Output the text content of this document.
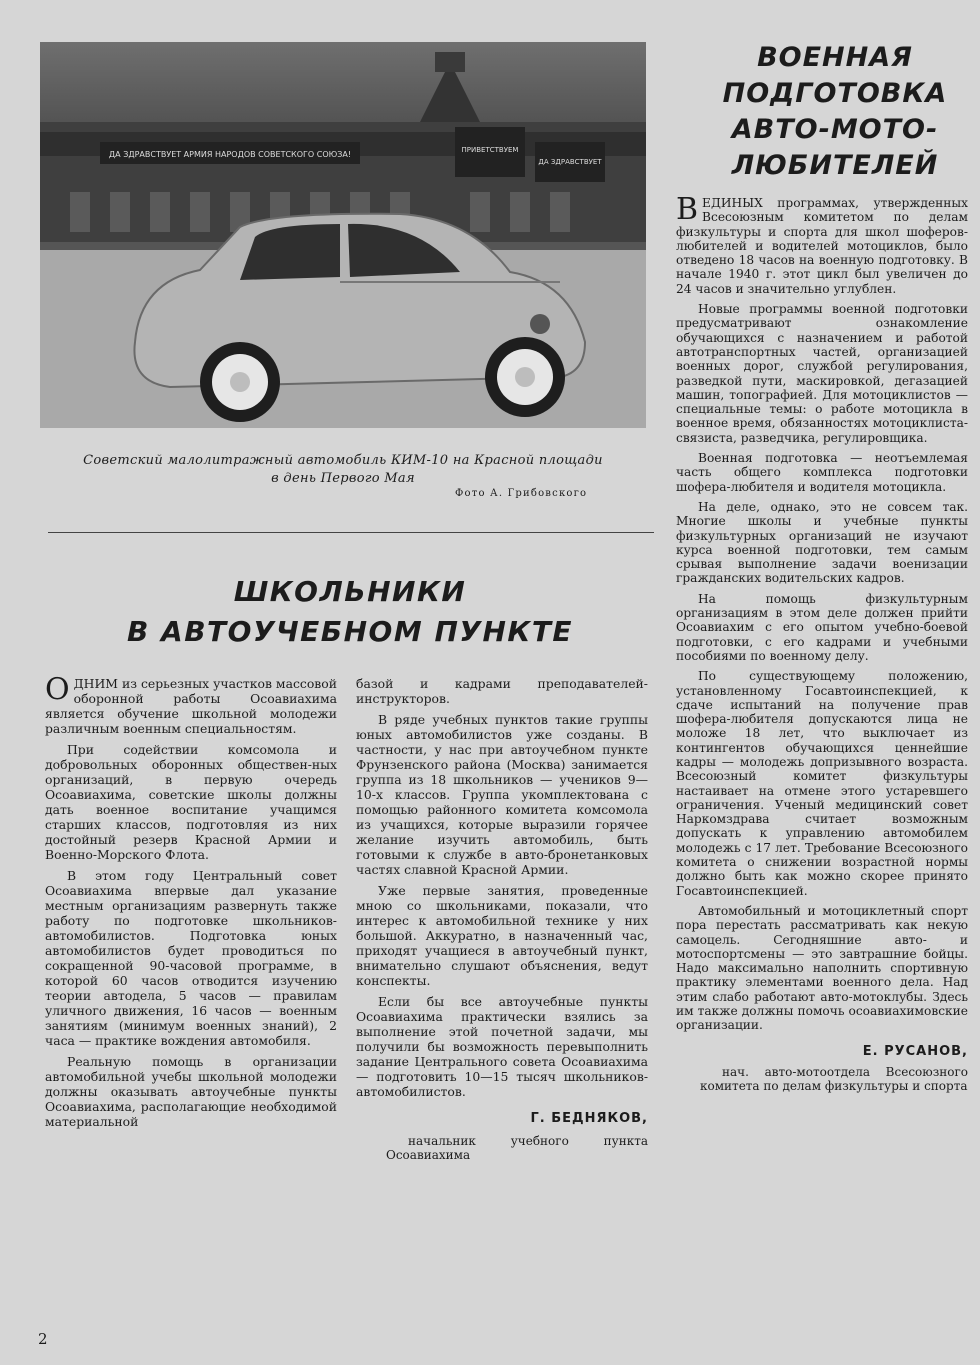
ДА ЗДРАВСТВУЕТ АРМИЯ НАРОДОВ СОВЕТСКОГО СОЮЗА!	ПРИВЕТСТВУЕМ
ДА ЗДРАВСТВУЕТ
Советский малолитражный автомобиль КИМ-10 на Красной площади
в день Первого Мая
Фото А. Грибовского
ВОЕННАЯ
ПОДГОТОВКА
АВТО-МОТО-
ЛЮБИТЕЛЕЙ

ВЕДИНЫХ программах, утвержденных Всесоюзным комитетом по делам физкультуры и спорта для школ шоферов-любителей и водителей мотоциклов, было отведено 18 часов на военную подготовку. В начале 1940 г. этот цикл был увеличен до 24 часов и значительно углублен.

Новые программы военной подготовки предусматривают ознакомление обучающихся с назначением и работой автотранспортных частей, организацией военных дорог, службой регулирования, разведкой пути, маскировкой, дегазацией машин, топографией. Для мотоциклистов — специальные темы: о работе мотоцикла в военное время, обязанностях мотоциклиста-связиста, разведчика, регулировщика.

Военная подготовка — неотъемлемая часть общего комплекса подготовки шофера-любителя и водителя мотоцикла.

На деле, однако, это не совсем так. Многие школы и учебные пункты физкультурных организаций не изучают курса военной подготовки, тем самым срывая выполнение задачи военизации гражданских водительских кадров.

На помощь физкультурным организациям в этом деле должен прийти Осоавиахим с его опытом учебно-боевой подготовки, с его кадрами и учебными пособиями по военному делу.

По существующему положению, установленному Госавтоинспекцией, к сдаче испытаний на получение прав шофера-любителя допускаются лица не моложе 18 лет, что выключает из контингентов обучающихся ценнейшие кадры — молодежь допризывного возраста. Всесоюзный комитет физкультуры настаивает на отмене этого устаревшего ограничения. Ученый медицинский совет Наркомздрава считает возможным допускать к управлению автомобилем молодежь с 17 лет. Требование Всесоюзного комитета о снижении возрастной нормы должно быть как можно скорее принято Госавтоинспекцией.

Автомобильный и мотоциклетный спорт пора перестать рассматривать как некую самоцель. Сегодняшние авто- и мотоспортсмены — это завтрашние бойцы. Надо максимально наполнить спортивную практику элементами военного дела. Над этим слабо работают авто-мотоклубы. Здесь им также должны помочь осоавиахимовские организации.

Е. РУСАНОВ,

нач. авто-мотоотдела Всесоюзного комитета по делам физкультуры и спорта

ШКОЛЬНИКИ
В АВТОУЧЕБНОМ ПУНКТЕ

ОДНИМ из серьезных участков массовой оборонной работы Осоавиахима является обучение школьной молодежи различным военным специальностям.

При содействии комсомола и добровольных оборонных обществен-ных организаций, в первую очередь Осоавиахима, советские школы должны дать военное воспитание учащимся старших классов, подготовляя из них достойный резерв Красной Армии и Военно-Морского Флота.

В этом году Центральный совет Осоавиахима впервые дал указание местным организациям развернуть также работу по подготовке школьников-автомобилистов. Подготовка юных автомобилистов будет проводиться по сокращенной 90-часовой программе, в которой 60 часов отводится изучению теории автодела, 5 часов — правилам уличного движения, 16 часов — военным занятиям (минимум военных знаний), 2 часа — практике вождения автомобиля.

Реальную помощь в организации автомобильной учебы школьной молодежи должны оказывать автоучебные пункты Осоавиахима, располагающие необходимой материальной

базой и кадрами преподавателей-инструкторов.

В ряде учебных пунктов такие группы юных автомобилистов уже созданы. В частности, у нас при автоучебном пункте Фрунзенского района (Москва) занимается группа из 18 школьников — учеников 9—10-х классов. Группа укомплектована с помощью районного комитета комсомола из учащихся, которые выразили горячее желание изучить автомобиль, быть готовыми к службе в авто-бронетанковых частях славной Красной Армии.

Уже первые занятия, проведенные мною со школьниками, показали, что интерес к автомобильной технике у них большой. Аккуратно, в назначенный час, приходят учащиеся в автоучебный пункт, внимательно слушают объяснения, ведут конспекты.

Если бы все автоучебные пункты Осоавиахима практически взялись за выполнение этой почетной задачи, мы получили бы возможность перевыполнить задание Центрального совета Осоавиахима — подготовить 10—15 тысяч школьников-автомобилистов.

Г. БЕДНЯКОВ,

начальник учебного пункта Осоавиахима

2
